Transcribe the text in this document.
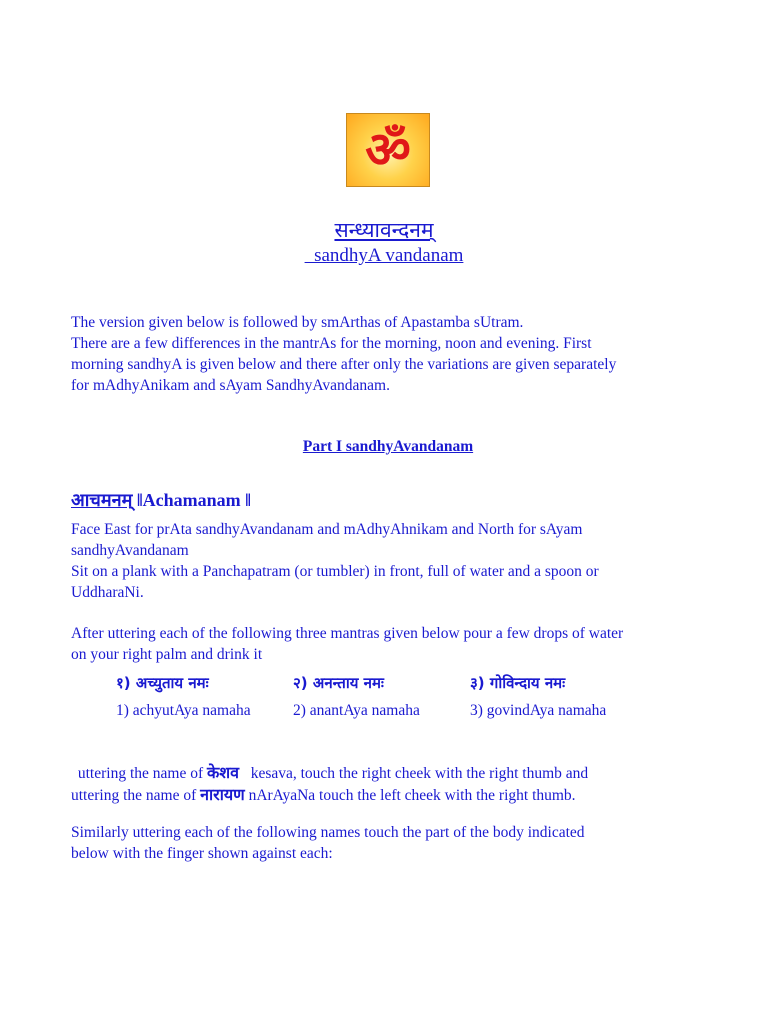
ॐ
सन्ध्यावन्दनम्
sandhyA vandanam
The version given below is followed by smArthas of Apastamba sUtram.
There are a few differences in the mantrAs for the morning, noon and evening. First
morning sandhyA is given below and there after only the variations are given separately
for mAdhyAnikam and sAyam SandhyAvandanam.
Part I sandhyAvandanam
आचमनम् ‖Achamanam ‖
Face East for prAta sandhyAvandanam and mAdhyAhnikam and North for sAyam
sandhyAvandanam
Sit on a plank with a Panchapatram (or tumbler) in front, full of water and a spoon or
UddharaNi.
After uttering each of the following three mantras given below pour a few drops of water
on your right palm and drink it
१) अच्युताय नमः	२) अनन्ताय नमः	३) गोविन्दाय नमः
1) achyutAya namaha	2) anantAya namaha	3) govindAya namaha
uttering the name of केशव   kesava, touch the right cheek with the right thumb and
uttering the name of नारायण nArAyaNa touch the left cheek with the right thumb.
Similarly uttering each of the following names touch the part of the body indicated
below with the finger shown against each:
